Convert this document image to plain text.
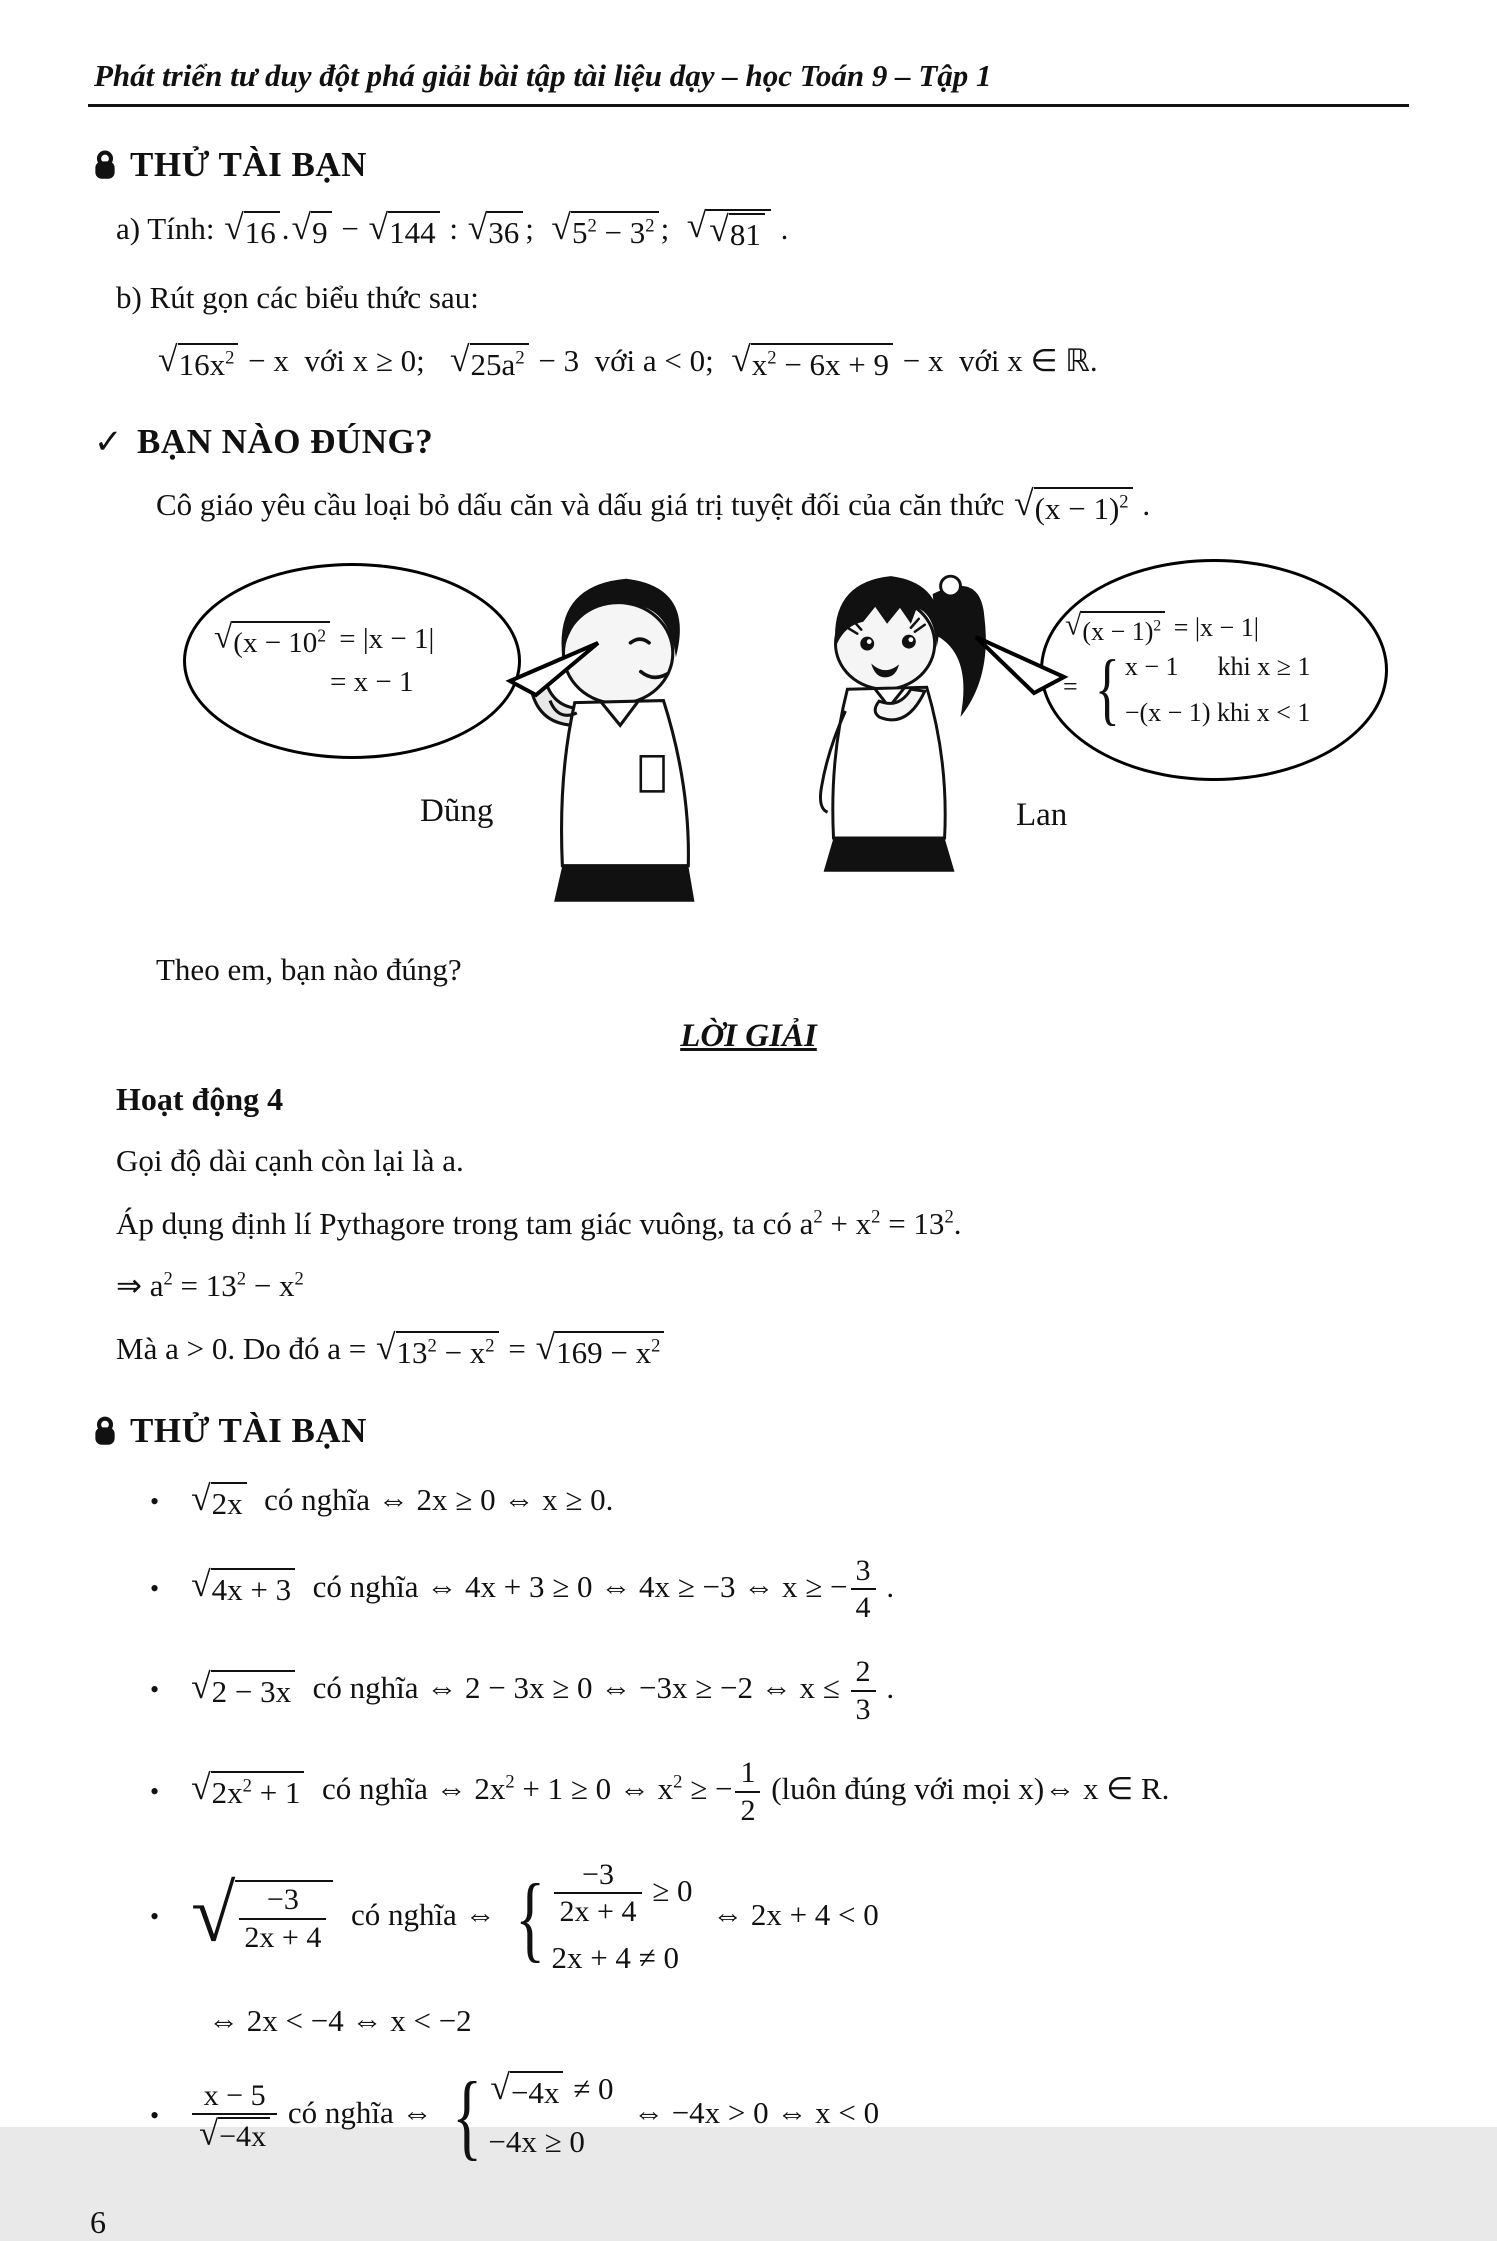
Phát triển tư duy đột phá giải bài tập tài liệu dạy – học Toán 9 – Tập 1
THỬ TÀI BẠN
a) Tính: √ 16 . √ 9 − √ 144 : √ 36 ;  √ $5^2 - 3^2$ ;  √ √ 81 .
b) Rút gọn các biểu thức sau:
√ $16x^2 - x$ với x ≥ 0;  √ $25a^2 - 3$ với a < 0;  √ $x^2 - 6x + 9 - x$ với x ∈ ℝ.
✓ BẠN NÀO ĐÚNG?
Cô giáo yêu cầu loại bỏ dấu căn và dấu giá trị tuyệt đối của căn thức √ $(x - 1)^2$ .
√ ($x - 10^2 = |x - 1|$
= x − 1
√ $(x - 1)^2 = |x - 1|$
= { x − 1  khi x ≥ 1
−(x − 1) khi x < 1
Dũng	Lan
Theo em, bạn nào đúng?
LỜI GIẢI
Hoạt động 4
Gọi độ dài cạnh còn lại là a.
Áp dụng định lí Pythagore trong tam giác vuông, ta có $a^2 + x^2 = 13^2$.
⇒ $a^2 = 13^2 - x^2$
Mà a > 0. Do đó a = √ $13^2 - x^2$ = √ $169 - x^2$
THỬ TÀI BẠN
• √ 2x  có nghĩa ⇔ 2x ≥ 0 ⇔ x ≥ 0.
• √ 4x + 3  có nghĩa ⇔ 4x + 3 ≥ 0 ⇔ 4x ≥ −3 ⇔ x ≥ − $\frac{3}{4}$ .
• √ 2 − 3x  có nghĩa ⇔ 2 − 3x ≥ 0 ⇔ −3x ≥ −2 ⇔ $x \le \frac{2}{3}$ .
• √ $2x^2 + 1$  có nghĩa ⇔ $2x^2 + 1 \ge 0$ ⇔ $x^2$ ≥ − $\frac{1}{2}$ (luôn đúng với mọi x)⇔ x ∈ R.
• √ $\frac{-3}{2x + 4}$  có nghĩa ⇔ { $\frac{-3}{2x + 4} \ge 0$
2x + 4 ≠ 0
 ⇔ 2x + 4 < 0
⇔ 2x < −4 ⇔ x < −2
• $\frac{x - 5}{√ -4x}$ có nghĩa ⇔ { √ −4x ≠ 0
−4x ≥ 0
 ⇔ −4x > 0 ⇔ x < 0
6
